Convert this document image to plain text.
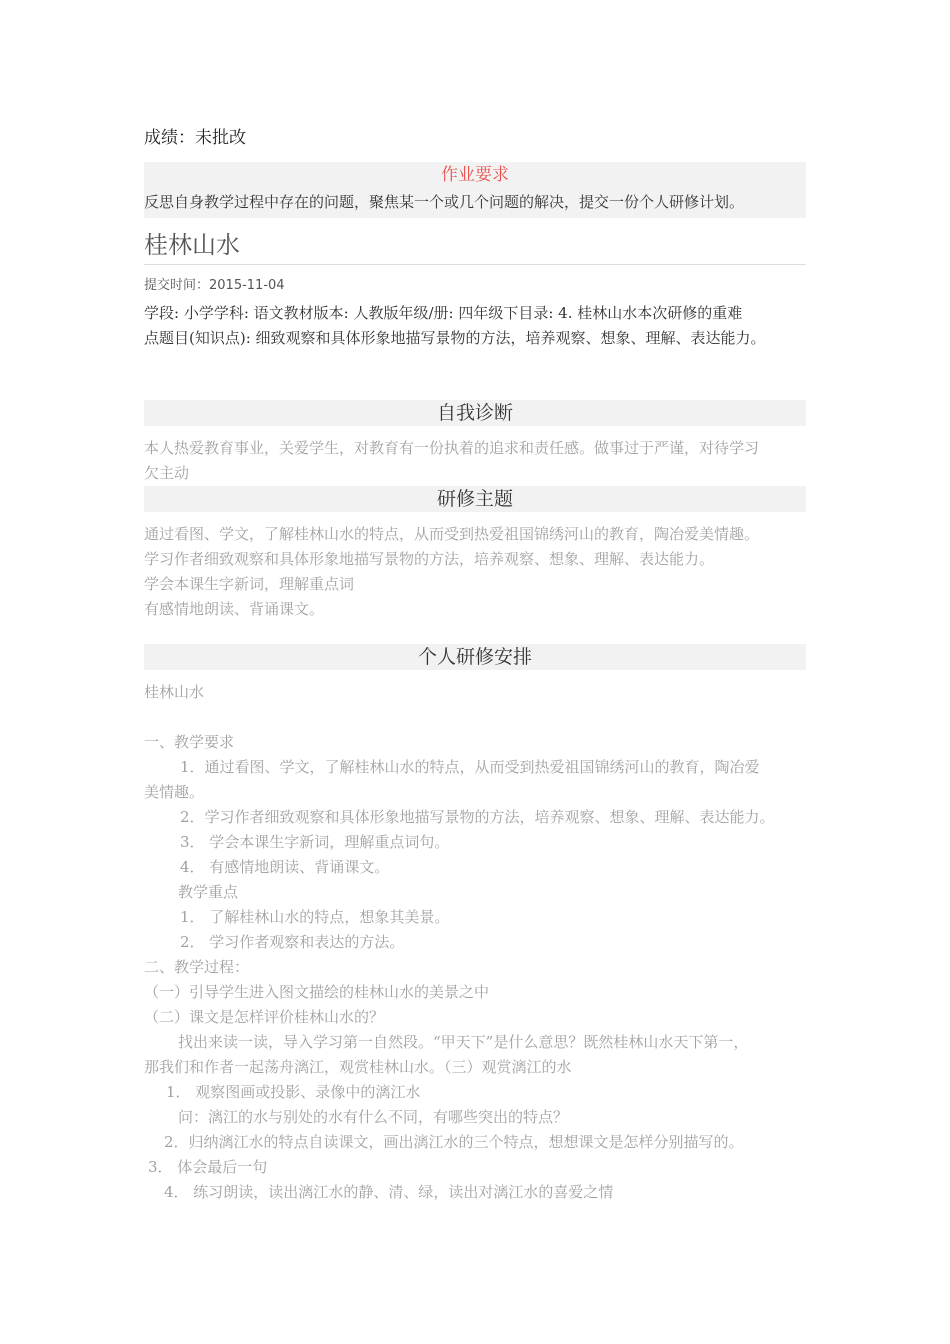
成绩：未批改
作业要求
反思自身教学过程中存在的问题，聚焦某一个或几个问题的解决，提交一份个人研修计划。
桂林山水
提交时间：2015-11-04
学段: 小学学科: 语文教材版本: 人教版年级/册: 四年级下目录: 4. 桂林山水本次研修的重难
点题目(知识点): 细致观察和具体形象地描写景物的方法，培养观察、想象、理解、表达能力。
自我诊断
本人热爱教育事业，关爱学生，对教育有一份执着的追求和责任感。做事过于严谨，对待学习
欠主动
研修主题
通过看图、学文，了解桂林山水的特点，从而受到热爱祖国锦绣河山的教育，陶冶爱美情趣。
学习作者细致观察和具体形象地描写景物的方法，培养观察、想象、理解、表达能力。
学会本课生字新词，理解重点词
有感情地朗读、背诵课文。
个人研修安排
桂林山水
一、教学要求
1．通过看图、学文，了解桂林山水的特点，从而受到热爱祖国锦绣河山的教育，陶冶爱
美情趣。
2．学习作者细致观察和具体形象地描写景物的方法，培养观察、想象、理解、表达能力。
3． 学会本课生字新词，理解重点词句。
4． 有感情地朗读、背诵课文。
教学重点
1． 了解桂林山水的特点，想象其美景。
2． 学习作者观察和表达的方法。
二、教学过程：
（一）引导学生进入图文描绘的桂林山水的美景之中
（二）课文是怎样评价桂林山水的？
找出来读一读，导入学习第一自然段。“甲天下”是什么意思？既然桂林山水天下第一，
那我们和作者一起荡舟漓江，观赏桂林山水。（三）观赏漓江的水
1． 观察图画或投影、录像中的漓江水
问：漓江的水与别处的水有什么不同，有哪些突出的特点？
2．归纳漓江水的特点自读课文，画出漓江水的三个特点，想想课文是怎样分别描写的。
3． 体会最后一句
4． 练习朗读，读出漓江水的静、清、绿，读出对漓江水的喜爱之情
